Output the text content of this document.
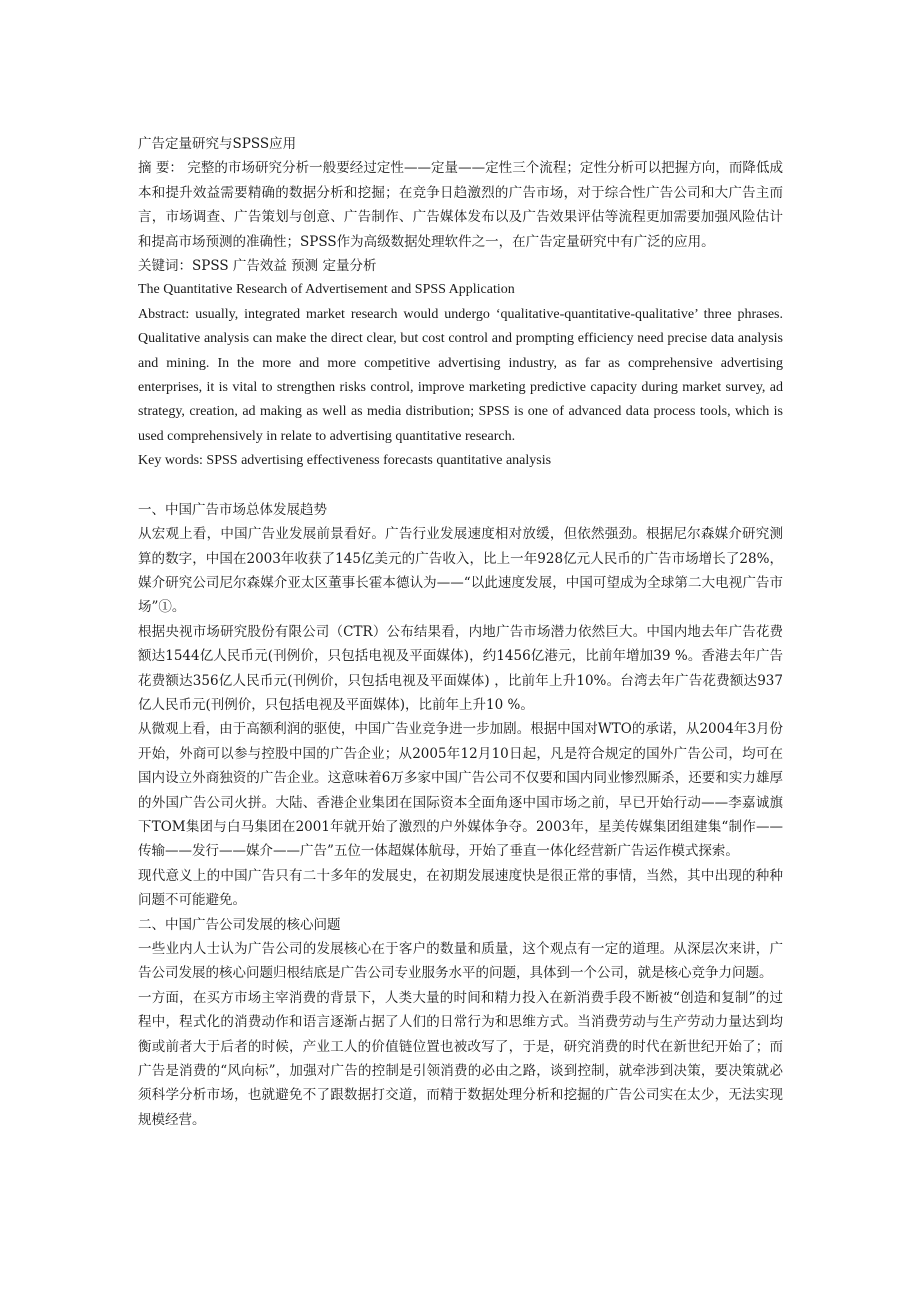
广告定量研究与SPSS应用

摘 要： 完整的市场研究分析一般要经过定性——定量——定性三个流程；定性分析可以把握方向，而降低成本和提升效益需要精确的数据分析和挖掘；在竞争日趋激烈的广告市场，对于综合性广告公司和大广告主而言，市场调查、广告策划与创意、广告制作、广告媒体发布以及广告效果评估等流程更加需要加强风险估计和提高市场预测的准确性；SPSS作为高级数据处理软件之一，在广告定量研究中有广泛的应用。

关键词：SPSS 广告效益 预测 定量分析

The Quantitative Research of Advertisement and SPSS Application

Abstract: usually, integrated market research would undergo ‘qualitative-quantitative-qualitative’ three phrases. Qualitative analysis can make the direct clear, but cost control and prompting efficiency need precise data analysis and mining. In the more and more competitive advertising industry, as far as comprehensive advertising enterprises, it is vital to strengthen risks control, improve marketing predictive capacity during market survey, ad strategy, creation, ad making as well as media distribution; SPSS is one of advanced data process tools, which is used comprehensively in relate to advertising quantitative research.

Key words: SPSS advertising effectiveness forecasts quantitative analysis

一、中国广告市场总体发展趋势

从宏观上看，中国广告业发展前景看好。广告行业发展速度相对放缓，但依然强劲。根据尼尔森媒介研究测算的数字，中国在2003年收获了145亿美元的广告收入，比上一年928亿元人民币的广告市场增长了28%，媒介研究公司尼尔森媒介亚太区董事长霍本德认为——“以此速度发展，中国可望成为全球第二大电视广告市场”①。

根据央视市场研究股份有限公司（CTR）公布结果看，内地广告市场潜力依然巨大。中国内地去年广告花费额达1544亿人民币元(刊例价，只包括电视及平面媒体)，约1456亿港元，比前年增加39 %。香港去年广告花费额达356亿人民币元(刊例价，只包括电视及平面媒体) ，比前年上升10%。台湾去年广告花费额达937亿人民币元(刊例价，只包括电视及平面媒体)，比前年上升10 %。

从微观上看，由于高额利润的驱使，中国广告业竞争进一步加剧。根据中国对WTO的承诺，从2004年3月份开始，外商可以参与控股中国的广告企业；从2005年12月10日起，凡是符合规定的国外广告公司，均可在国内设立外商独资的广告企业。这意味着6万多家中国广告公司不仅要和国内同业惨烈厮杀，还要和实力雄厚的外国广告公司火拼。大陆、香港企业集团在国际资本全面角逐中国市场之前，早已开始行动——李嘉诚旗下TOM集团与白马集团在2001年就开始了激烈的户外媒体争夺。2003年，星美传媒集团组建集“制作——传输——发行——媒介——广告”五位一体超媒体航母，开始了垂直一体化经营新广告运作模式探索。

现代意义上的中国广告只有二十多年的发展史，在初期发展速度快是很正常的事情，当然，其中出现的种种问题不可能避免。

二、中国广告公司发展的核心问题

一些业内人士认为广告公司的发展核心在于客户的数量和质量，这个观点有一定的道理。从深层次来讲，广告公司发展的核心问题归根结底是广告公司专业服务水平的问题，具体到一个公司，就是核心竞争力问题。

一方面，在买方市场主宰消费的背景下，人类大量的时间和精力投入在新消费手段不断被“创造和复制”的过程中，程式化的消费动作和语言逐渐占据了人们的日常行为和思维方式。当消费劳动与生产劳动力量达到均衡或前者大于后者的时候，产业工人的价值链位置也被改写了，于是，研究消费的时代在新世纪开始了；而广告是消费的“风向标”，加强对广告的控制是引领消费的必由之路，谈到控制，就牵涉到决策，要决策就必须科学分析市场，也就避免不了跟数据打交道，而精于数据处理分析和挖掘的广告公司实在太少，无法实现规模经营。
